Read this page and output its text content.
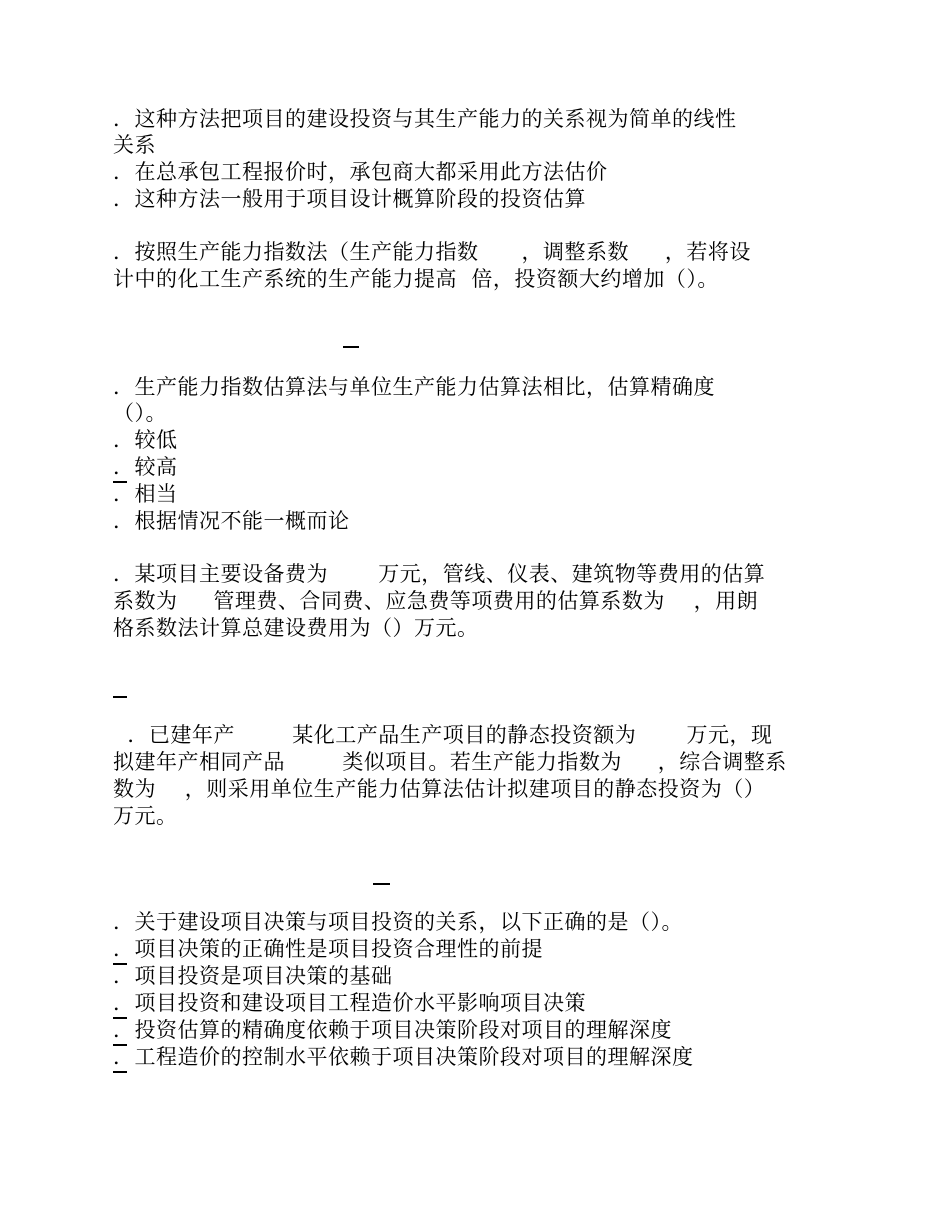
．这种方法把项目的建设投资与其生产能力的关系视为简单的线性

关系

．在总承包工程报价时，承包商大都采用此方法估价

．这种方法一般用于项目设计概算阶段的投资估算

．按照生产能力指数法（生产能力指数      ，调整系数     ，若将设

计中的化工生产系统的生产能力提高  倍，投资额大约增加（）。

．生产能力指数估算法与单位生产能力估算法相比，估算精确度

（）。

．较低

．较高

．相当

．根据情况不能一概而论

．某项目主要设备费为       万元，管线、仪表、建筑物等费用的估算

系数为     管理费、合同费、应急费等项费用的估算系数为    ，用朗

格系数法计算总建设费用为（）万元。

．已建年产        某化工产品生产项目的静态投资额为       万元，现

拟建年产相同产品        类似项目。若生产能力指数为     ，综合调整系

数为    ，则采用单位生产能力估算法估计拟建项目的静态投资为（）

万元。

．关于建设项目决策与项目投资的关系，以下正确的是（）。

．项目决策的正确性是项目投资合理性的前提

．项目投资是项目决策的基础

．项目投资和建设项目工程造价水平影响项目决策

．投资估算的精确度依赖于项目决策阶段对项目的理解深度

．工程造价的控制水平依赖于项目决策阶段对项目的理解深度
